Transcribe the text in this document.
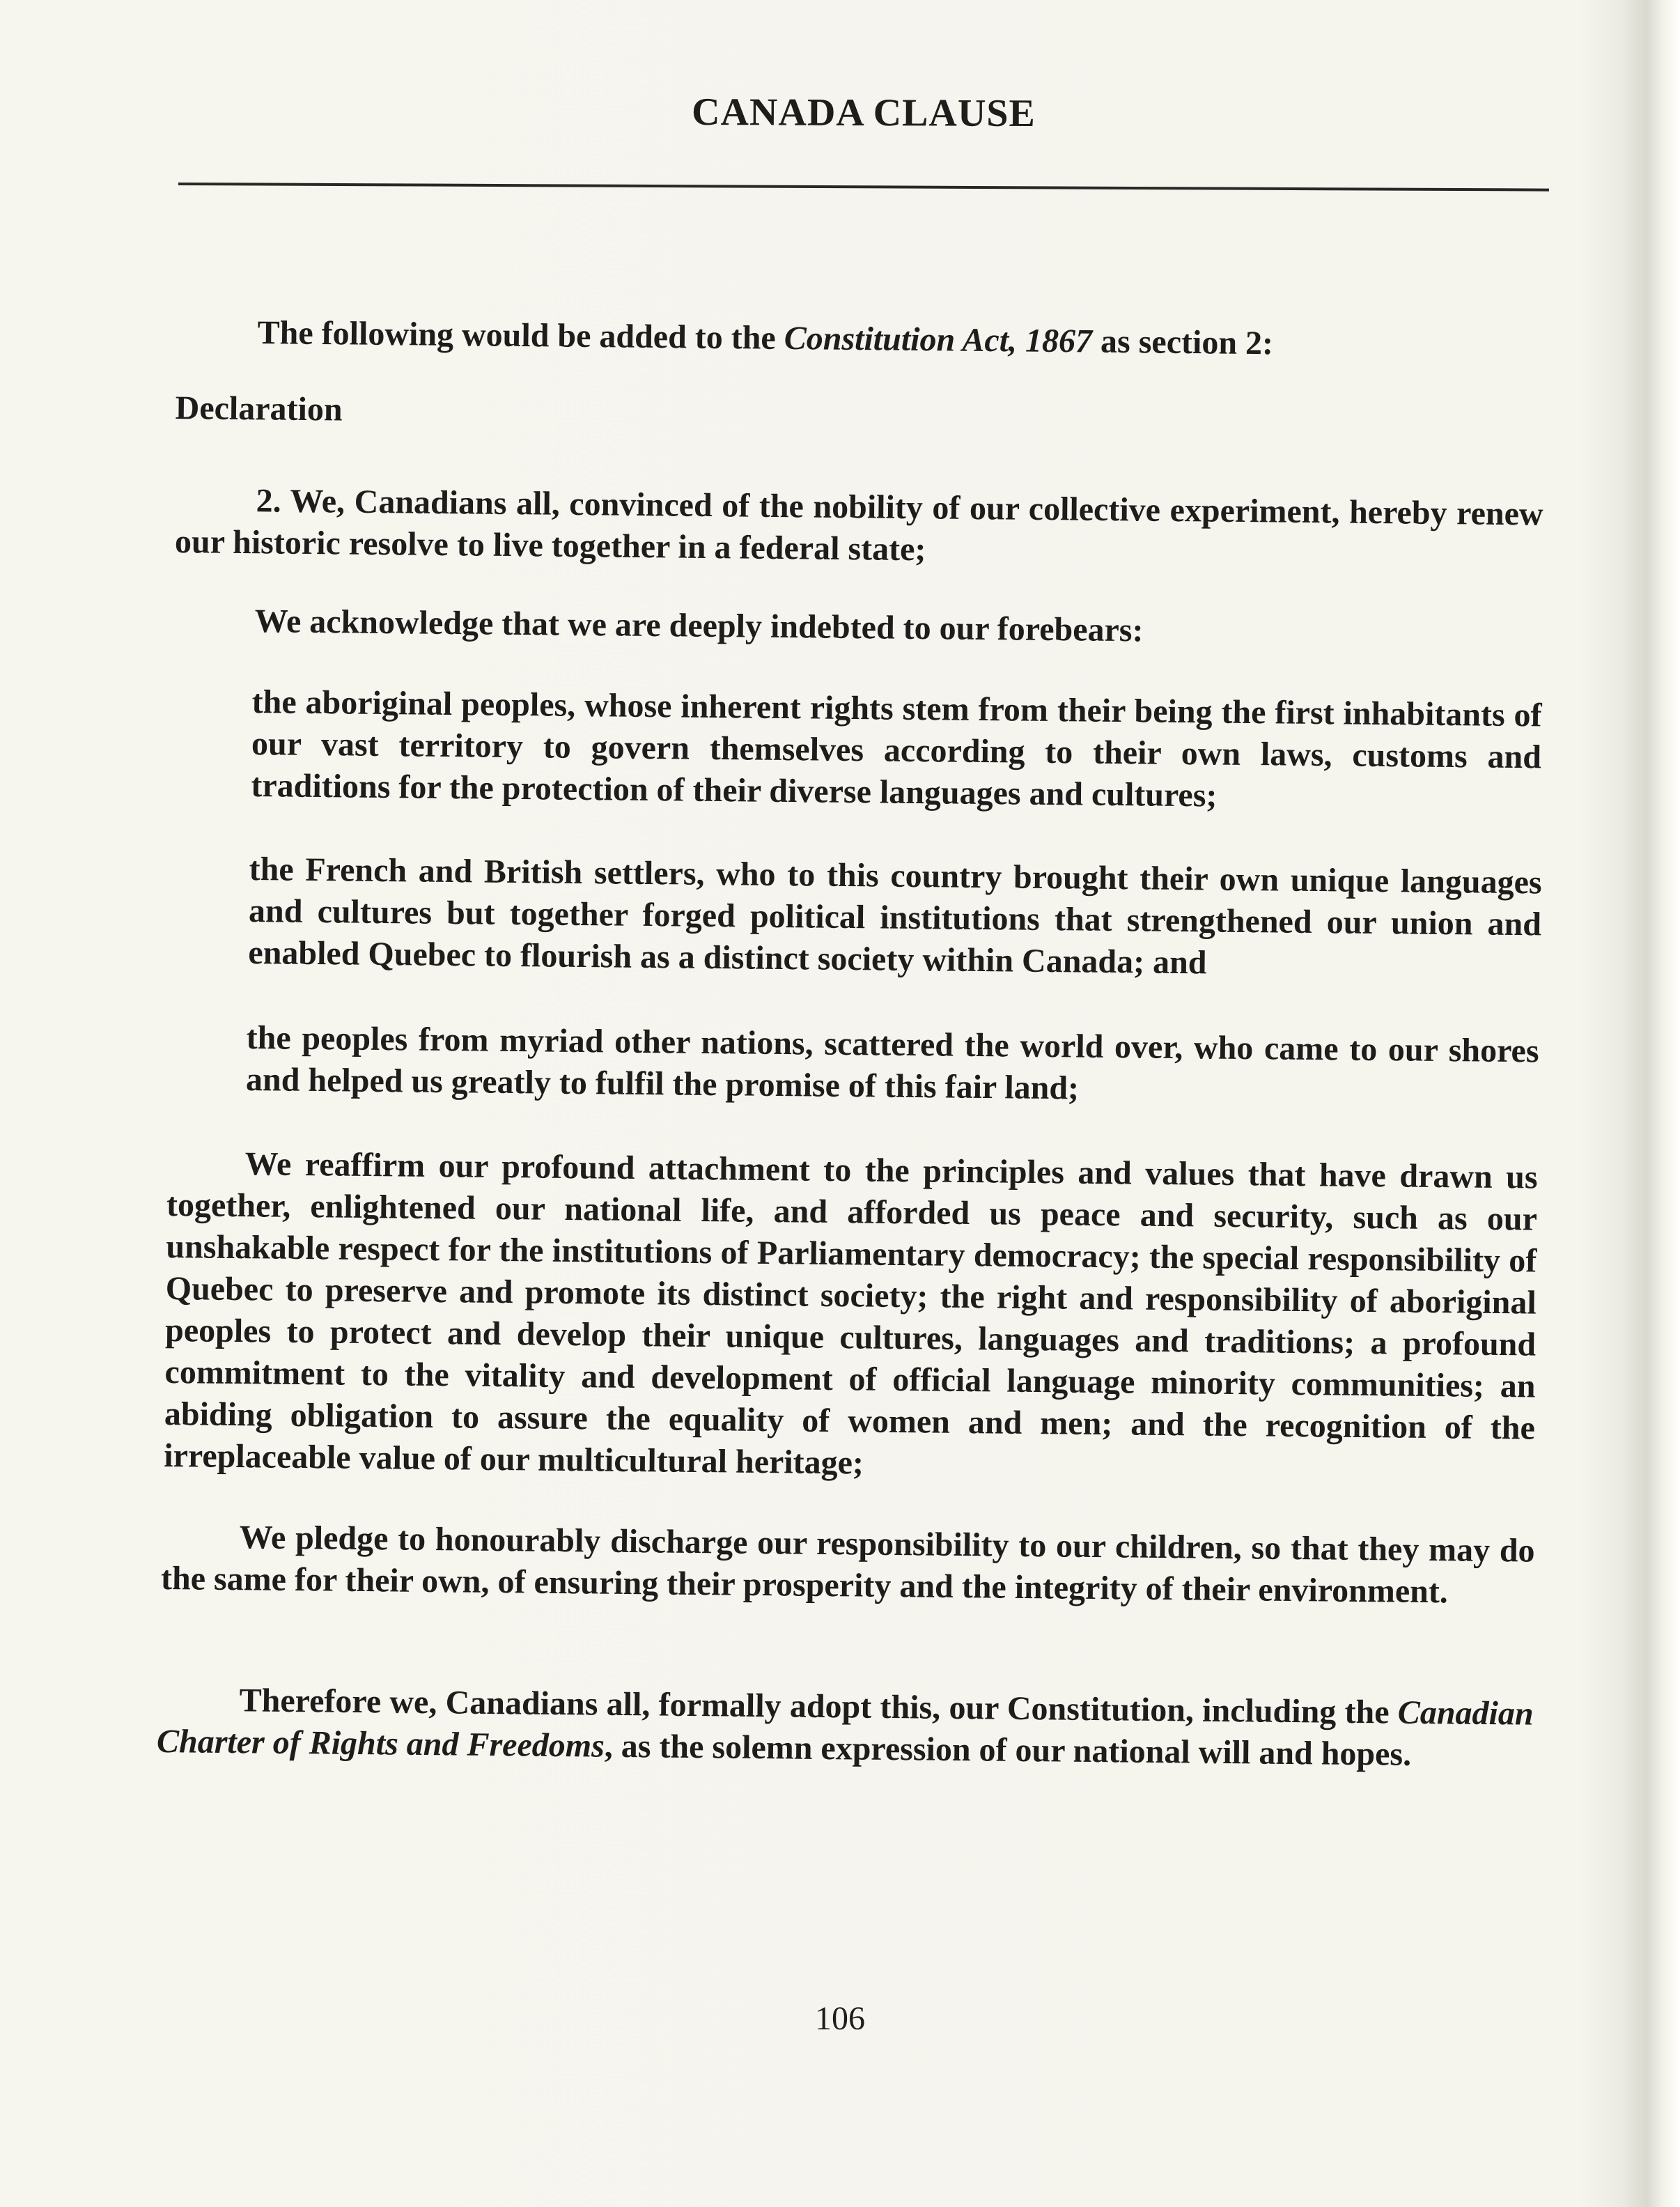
CANADA CLAUSE
The following would be added to the Constitution Act, 1867 as section 2:
Declaration
2. We, Canadians all, convinced of the nobility of our collective experiment, hereby renew our historic resolve to live together in a federal state;
We acknowledge that we are deeply indebted to our forebears:
the aboriginal peoples, whose inherent rights stem from their being the first inhabitants of our vast territory to govern themselves according to their own laws, customs and traditions for the protection of their diverse languages and cultures;
the French and British settlers, who to this country brought their own unique languages and cultures but together forged political institutions that strengthened our union and enabled Quebec to flourish as a distinct society within Canada; and
the peoples from myriad other nations, scattered the world over, who came to our shores and helped us greatly to fulfil the promise of this fair land;
We reaffirm our profound attachment to the principles and values that have drawn us together, enlightened our national life, and afforded us peace and security, such as our unshakable respect for the institutions of Parliamentary democracy; the special responsibility of Quebec to preserve and promote its distinct society; the right and responsibility of aboriginal peoples to protect and develop their unique cultures, languages and traditions; a profound commitment to the vitality and development of official language minority communities; an abiding obligation to assure the equality of women and men; and the recognition of the irreplaceable value of our multicultural heritage;
We pledge to honourably discharge our responsibility to our children, so that they may do the same for their own, of ensuring their prosperity and the integrity of their environment.
Therefore we, Canadians all, formally adopt this, our Constitution, including the Canadian Charter of Rights and Freedoms, as the solemn expression of our national will and hopes.
106
